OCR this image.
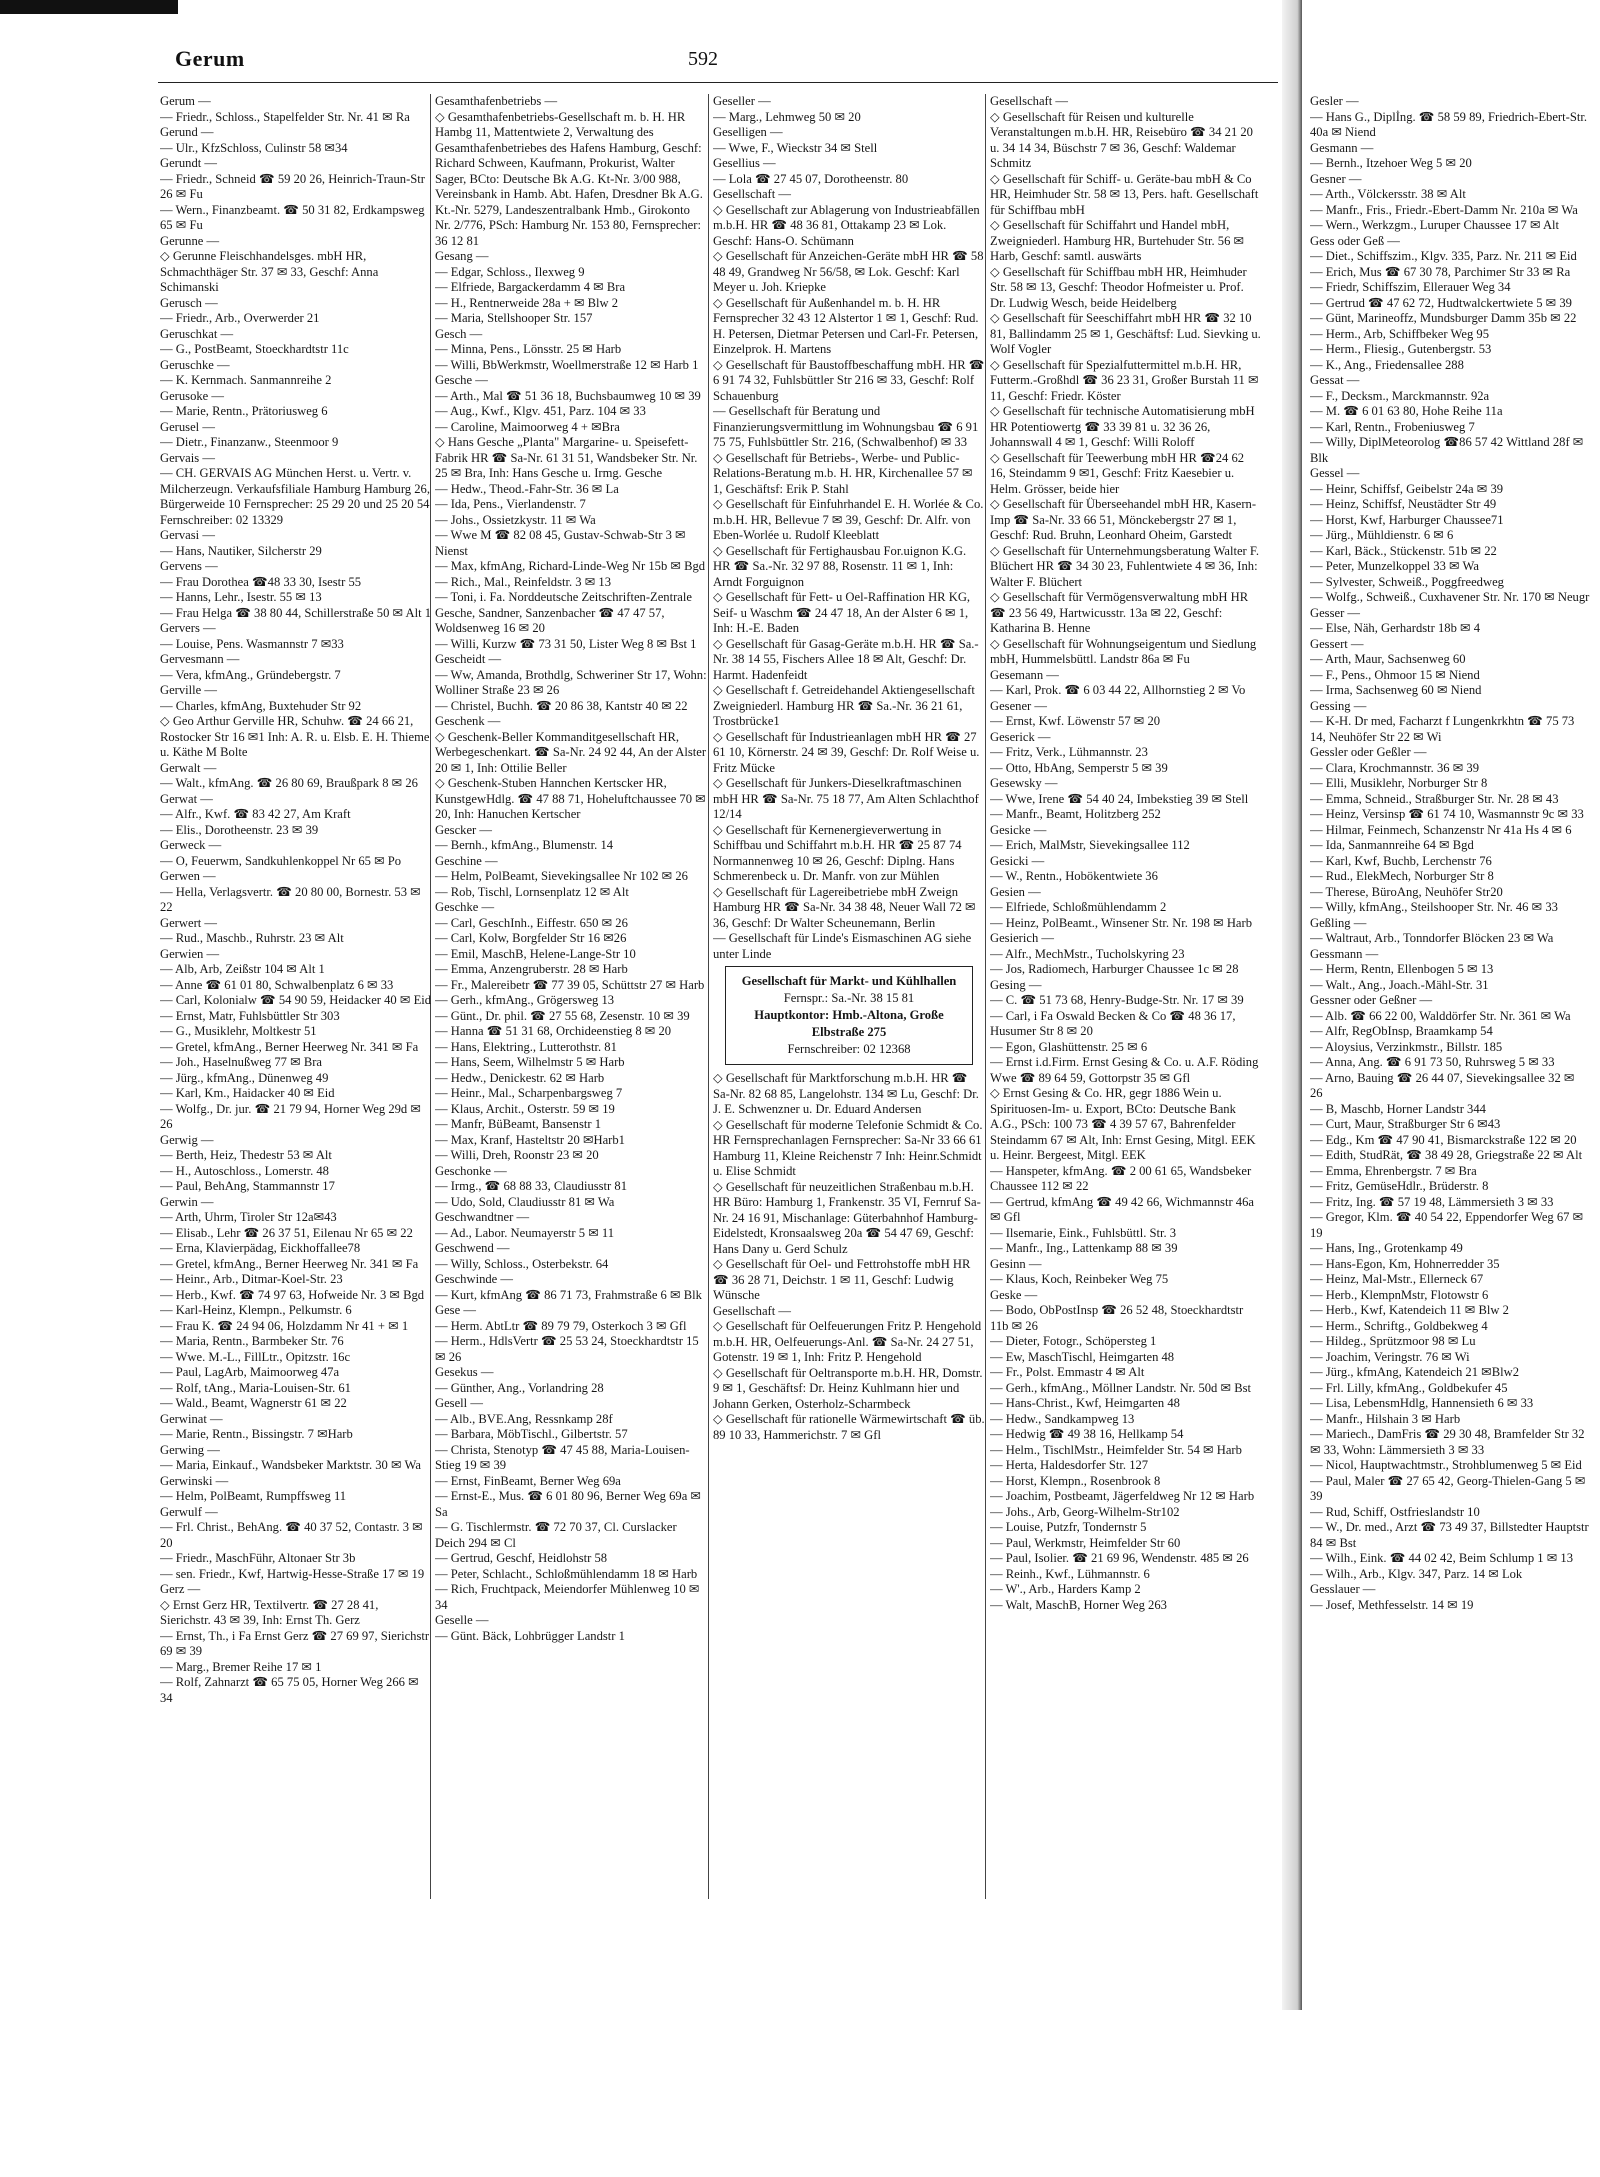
Gerum	592

Gerum —

— Friedr., Schloss., Stapelfelder Str. Nr. 41 ✉ Ra

Gerund —

— Ulr., KfzSchloss, Culinstr 58 ✉34

Gerundt —

— Friedr., Schneid ☎ 59 20 26, Heinrich-Traun-Str 26 ✉ Fu

— Wern., Finanzbeamt. ☎ 50 31 82, Erdkampsweg 65 ✉ Fu

Gerunne —

◇ Gerunne Fleischhandelsges. mbH HR, Schmachthäger Str. 37 ✉ 33, Geschf: Anna Schimanski

Gerusch —

— Friedr., Arb., Overwerder 21

Geruschkat —

— G., PostBeamt, Stoeckhardtstr 11c

Geruschke —

— K. Kernmach. Sanmannreihe 2

Gerusoke —

— Marie, Rentn., Prätoriusweg 6

Gerusel —

— Dietr., Finanzanw., Steenmoor 9

Gervais —

— CH. GERVAIS AG München Herst. u. Vertr. v. Milcherzeugn. Verkaufsfiliale Hamburg Hamburg 26, Bürgerweide 10 Fernsprecher: 25 29 20 und 25 20 54 Fernschreiber: 02 13329

Gervasi —

— Hans, Nautiker, Silcherstr 29

Gervens —

— Frau Dorothea ☎48 33 30, Isestr 55

— Hanns, Lehr., Isestr. 55 ✉ 13

— Frau Helga ☎ 38 80 44, Schillerstraße 50 ✉ Alt 1

Gervers —

— Louise, Pens. Wasmannstr 7 ✉33

Gervesmann —

— Vera, kfmAng., Gründebergstr. 7

Gerville —

— Charles, kfmAng, Buxtehuder Str 92

◇ Geo Arthur Gerville HR, Schuhw. ☎ 24 66 21, Rostocker Str 16 ✉1 Inh: A. R. u. Elsb. E. H. Thieme u. Käthe M Bolte

Gerwalt —

— Walt., kfmAng. ☎ 26 80 69, Braußpark 8 ✉ 26

Gerwat —

— Alfr., Kwf. ☎ 83 42 27, Am Kraft

— Elis., Dorotheenstr. 23 ✉ 39

Gerweck —

— O, Feuerwm, Sandkuhlenkoppel Nr 65 ✉ Po

Gerwen —

— Hella, Verlagsvertr. ☎ 20 80 00, Bornestr. 53 ✉ 22

Gerwert —

— Rud., Maschb., Ruhrstr. 23 ✉ Alt

Gerwien —

— Alb, Arb, Zeißstr 104 ✉ Alt 1

— Anne ☎ 61 01 80, Schwalbenplatz 6 ✉ 33

— Carl, Kolonialw ☎ 54 90 59, Heidacker 40 ✉ Eid

— Ernst, Matr, Fuhlsbüttler Str 303

— G., Musiklehr, Moltkestr 51

— Gretel, kfmAng., Berner Heerweg Nr. 341 ✉ Fa

— Joh., Haselnußweg 77 ✉ Bra

— Jürg., kfmAng., Dünenweg 49

— Karl, Km., Haidacker 40 ✉ Eid

— Wolfg., Dr. jur. ☎ 21 79 94, Horner Weg 29d ✉ 26

Gerwig —

— Berth, Heiz, Thedestr 53 ✉ Alt

— H., Autoschloss., Lomerstr. 48

— Paul, BehAng, Stammannstr 17

Gerwin —

— Arth, Uhrm, Tiroler Str 12a✉43

— Elisab., Lehr ☎ 26 37 51, Eilenau Nr 65 ✉ 22

— Erna, Klavierpädag, Eickhoffallee78

— Gretel, kfmAng., Berner Heerweg Nr. 341 ✉ Fa

— Heinr., Arb., Ditmar-Koel-Str. 23

— Herb., Kwf. ☎ 74 97 63, Hofweide Nr. 3 ✉ Bgd

— Karl-Heinz, Klempn., Pelkumstr. 6

— Frau K. ☎ 24 94 06, Holzdamm Nr 41 + ✉ 1

— Maria, Rentn., Barmbeker Str. 76

— Wwe. M.-L., FillLtr., Opitzstr. 16c

— Paul, LagArb, Maimoorweg 47a

— Rolf, tAng., Maria-Louisen-Str. 61

— Wald., Beamt, Wagnerstr 61 ✉ 22

Gerwinat —

— Marie, Rentn., Bissingstr. 7 ✉Harb

Gerwing —

— Maria, Einkauf., Wandsbeker Marktstr. 30 ✉ Wa

Gerwinski —

— Helm, PolBeamt, Rumpffsweg 11

Gerwulf —

— Frl. Christ., BehAng. ☎ 40 37 52, Contastr. 3 ✉ 20

— Friedr., MaschFühr, Altonaer Str 3b

— sen. Friedr., Kwf, Hartwig-Hesse-Straße 17 ✉ 19

Gerz —

◇ Ernst Gerz HR, Textilvertr. ☎ 27 28 41, Sierichstr. 43 ✉ 39, Inh: Ernst Th. Gerz

— Ernst, Th., i Fa Ernst Gerz ☎ 27 69 97, Sierichstr 69 ✉ 39

— Marg., Bremer Reihe 17 ✉ 1

— Rolf, Zahnarzt ☎ 65 75 05, Horner Weg 266 ✉ 34

Gesamthafenbetriebs —

◇ Gesamthafenbetriebs-Gesellschaft m. b. H. HR Hambg 11, Mattentwiete 2, Verwaltung des Gesamthafenbetriebes des Hafens Hamburg, Geschf: Richard Schween, Kaufmann, Prokurist, Walter Sager, BCto: Deutsche Bk A.G. Kt-Nr. 3/00 988, Vereinsbank in Hamb. Abt. Hafen, Dresdner Bk A.G. Kt.-Nr. 5279, Landeszentralbank Hmb., Girokonto Nr. 2/776, PSch: Hamburg Nr. 153 80, Fernsprecher: 36 12 81

Gesang —

— Edgar, Schloss., Ilexweg 9

— Elfriede, Bargackerdamm 4 ✉ Bra

— H., Rentnerweide 28a + ✉ Blw 2

— Maria, Stellshooper Str. 157

Gesch —

— Minna, Pens., Lönsstr. 25 ✉ Harb

— Willi, BbWerkmstr, Woellmerstraße 12 ✉ Harb 1

Gesche —

— Arth., Mal ☎ 51 36 18, Buchsbaumweg 10 ✉ 39

— Aug., Kwf., Klgv. 451, Parz. 104 ✉ 33

— Caroline, Maimoorweg 4 + ✉Bra

◇ Hans Gesche „Planta" Margarine- u. Speisefett-Fabrik HR ☎ Sa-Nr. 61 31 51, Wandsbeker Str. Nr. 25 ✉ Bra, Inh: Hans Gesche u. Irmg. Gesche

— Hedw., Theod.-Fahr-Str. 36 ✉ La

— Ida, Pens., Vierlandenstr. 7

— Johs., Ossietzkystr. 11 ✉ Wa

— Wwe M ☎ 82 08 45, Gustav-Schwab-Str 3 ✉ Nienst

— Max, kfmAng, Richard-Linde-Weg Nr 15b ✉ Bgd

— Rich., Mal., Reinfeldstr. 3 ✉ 13

— Toni, i. Fa. Norddeutsche Zeitschriften-Zentrale Gesche, Sandner, Sanzenbacher ☎ 47 47 57, Woldsenweg 16 ✉ 20

— Willi, Kurzw ☎ 73 31 50, Lister Weg 8 ✉ Bst 1

Gescheidt —

— Ww, Amanda, Brothdlg, Schweriner Str 17, Wohn: Wolliner Straße 23 ✉ 26

— Christel, Buchh. ☎ 20 86 38, Kantstr 40 ✉ 22

Geschenk —

◇ Geschenk-Beller Kommanditgesellschaft HR, Werbegeschenkart. ☎ Sa-Nr. 24 92 44, An der Alster 20 ✉ 1, Inh: Ottilie Beller

◇ Geschenk-Stuben Hannchen Kertscker HR, KunstgewHdlg. ☎ 47 88 71, Hoheluftchaussee 70 ✉ 20, Inh: Hanuchen Kertscher

Gescker —

— Bernh., kfmAng., Blumenstr. 14

Geschine —

— Helm, PolBeamt, Sievekingsallee Nr 102 ✉ 26

— Rob, Tischl, Lornsenplatz 12 ✉ Alt

Geschke —

— Carl, GeschInh., Eiffestr. 650 ✉ 26

— Carl, Kolw, Borgfelder Str 16 ✉26

— Emil, MaschB, Helene-Lange-Str 10

— Emma, Anzengruberstr. 28 ✉ Harb

— Fr., Malereibetr ☎ 77 39 05, Schüttstr 27 ✉ Harb

— Gerh., kfmAng., Grögersweg 13

— Günt., Dr. phil. ☎ 27 55 68, Zesenstr. 10 ✉ 39

— Hanna ☎ 51 31 68, Orchideenstieg 8 ✉ 20

— Hans, Elektring., Lutterothstr. 81

— Hans, Seem, Wilhelmstr 5 ✉ Harb

— Hedw., Denickestr. 62 ✉ Harb

— Heinr., Mal., Scharpenbargsweg 7

— Klaus, Archit., Osterstr. 59 ✉ 19

— Manfr, BüBeamt, Bansenstr 1

— Max, Kranf, Hasteltstr 20 ✉Harb1

— Willi, Dreh, Roonstr 23 ✉ 20

Geschonke —

— Irmg., ☎ 68 88 33, Claudiusstr 81

— Udo, Sold, Claudiusstr 81 ✉ Wa

Geschwandtner —

— Ad., Labor. Neumayerstr 5 ✉ 11

Geschwend —

— Willy, Schloss., Osterbekstr. 64

Geschwinde —

— Kurt, kfmAng ☎ 86 71 73, Frahmstraße 6 ✉ Blk

Gese —

— Herm. AbtLtr ☎ 89 79 79, Osterkoch 3 ✉ Gfl

— Herm., HdlsVertr ☎ 25 53 24, Stoeckhardtstr 15 ✉ 26

Gesekus —

— Günther, Ang., Vorlandring 28

Gesell —

— Alb., BVE.Ang, Ressnkamp 28f

— Barbara, MöbTischl., Gilbertstr. 57

— Christa, Stenotyp ☎ 47 45 88, Maria-Louisen-Stieg 19 ✉ 39

— Ernst, FinBeamt, Berner Weg 69a

— Ernst-E., Mus. ☎ 6 01 80 96, Berner Weg 69a ✉ Sa

— G. Tischlermstr. ☎ 72 70 37, Cl. Curslacker Deich 294 ✉ Cl

— Gertrud, Geschf, Heidlohstr 58

— Peter, Schlacht., Schloßmühlendamm 18 ✉ Harb

— Rich, Fruchtpack, Meiendorfer Mühlenweg 10 ✉ 34

Geselle —

— Günt. Bäck, Lohbrügger Landstr 1

Geseller —

— Marg., Lehmweg 50 ✉ 20

Geselligen —

— Wwe, F., Wieckstr 34 ✉ Stell

Gesellius —

— Lola ☎ 27 45 07, Dorotheenstr. 80

Gesellschaft —

◇ Gesellschaft zur Ablagerung von Industrieabfällen m.b.H. HR ☎ 48 36 81, Ottakamp 23 ✉ Lok. Geschf: Hans-O. Schümann

◇ Gesellschaft für Anzeichen-Geräte mbH HR ☎ 58 48 49, Grandweg Nr 56/58, ✉ Lok. Geschf: Karl Meyer u. Joh. Kriepke

◇ Gesellschaft für Außenhandel m. b. H. HR Fernsprecher 32 43 12 Alstertor 1 ✉ 1, Geschf: Rud. H. Petersen, Dietmar Petersen und Carl-Fr. Petersen, Einzelprok. H. Martens

◇ Gesellschaft für Baustoffbeschaffung mbH. HR ☎ 6 91 74 32, Fuhlsbüttler Str 216 ✉ 33, Geschf: Rolf Schauenburg

— Gesellschaft für Beratung und Finanzierungsvermittlung im Wohnungsbau ☎ 6 91 75 75, Fuhlsbüttler Str. 216, (Schwalbenhof) ✉ 33

◇ Gesellschaft für Betriebs-, Werbe- und Public-Relations-Beratung m.b. H. HR, Kirchenallee 57 ✉ 1, Geschäftsf: Erik P. Stahl

◇ Gesellschaft für Einfuhrhandel E. H. Worlée & Co. m.b.H. HR, Bellevue 7 ✉ 39, Geschf: Dr. Alfr. von Eben-Worlée u. Rudolf Kleeblatt

◇ Gesellschaft für Fertighausbau For.uignon K.G. HR ☎ Sa.-Nr. 32 97 88, Rosenstr. 11 ✉ 1, Inh: Arndt Forguignon

◇ Gesellschaft für Fett- u Oel-Raffination HR KG, Seif- u Waschm ☎ 24 47 18, An der Alster 6 ✉ 1, Inh: H.-E. Baden

◇ Gesellschaft für Gasag-Geräte m.b.H. HR ☎ Sa.-Nr. 38 14 55, Fischers Allee 18 ✉ Alt, Geschf: Dr. Harmt. Hadenfeidt

◇ Gesellschaft f. Getreidehandel Aktiengesellschaft Zweigniederl. Hamburg HR ☎ Sa.-Nr. 36 21 61, Trostbrücke1

◇ Gesellschaft für Industrieanlagen mbH HR ☎ 27 61 10, Körnerstr. 24 ✉ 39, Geschf: Dr. Rolf Weise u. Fritz Mücke

◇ Gesellschaft für Junkers-Dieselkraftmaschinen mbH HR ☎ Sa-Nr. 75 18 77, Am Alten Schlachthof 12/14

◇ Gesellschaft für Kernenergieverwertung in Schiffbau und Schiffahrt m.b.H. HR ☎ 25 87 74 Normannenweg 10 ✉ 26, Geschf: Diplng. Hans Schmerenbeck u. Dr. Manfr. von zur Mühlen

◇ Gesellschaft für Lagereibetriebe mbH Zweign Hamburg HR ☎ Sa-Nr. 34 38 48, Neuer Wall 72 ✉36, Geschf: Dr Walter Scheunemann, Berlin

— Gesellschaft für Linde's Eismaschinen AG siehe unter Linde

Gesellschaft für Markt- und Kühlhallen
Fernspr.: Sa.-Nr. 38 15 81
Hauptkontor: Hmb.-Altona, Große Elbstraße 275
Fernschreiber: 02 12368

◇ Gesellschaft für Marktforschung m.b.H. HR ☎ Sa-Nr. 82 68 85, Langelohstr. 134 ✉ Lu, Geschf: Dr. J. E. Schwenzner u. Dr. Eduard Andersen

◇ Gesellschaft für moderne Telefonie Schmidt & Co. HR Fernsprechanlagen Fernsprecher: Sa-Nr 33 66 61 Hamburg 11, Kleine Reichenstr 7 Inh: Heinr.Schmidt u. Elise Schmidt

◇ Gesellschaft für neuzeitlichen Straßenbau m.b.H. HR Büro: Hamburg 1, Frankenstr. 35 VI, Fernruf Sa-Nr. 24 16 91, Mischanlage: Güterbahnhof Hamburg-Eidelstedt, Kronsaalsweg 20a ☎ 54 47 69, Geschf: Hans Dany u. Gerd Schulz

◇ Gesellschaft für Oel- und Fettrohstoffe mbH HR ☎ 36 28 71, Deichstr. 1 ✉ 11, Geschf: Ludwig Wünsche

Gesellschaft —

◇ Gesellschaft für Oelfeuerungen Fritz P. Hengehold m.b.H. HR, Oelfeuerungs-Anl. ☎ Sa-Nr. 24 27 51, Gotenstr. 19 ✉ 1, Inh: Fritz P. Hengehold

◇ Gesellschaft für Oeltransporte m.b.H. HR, Domstr. 9 ✉ 1, Geschäftsf: Dr. Heinz Kuhlmann hier und Johann Gerken, Osterholz-Scharmbeck

◇ Gesellschaft für rationelle Wärmewirtschaft ☎ üb. 89 10 33, Hammerichstr. 7 ✉ Gfl

Gesellschaft —

◇ Gesellschaft für Reisen und kulturelle Veranstaltungen m.b.H. HR, Reisebüro ☎ 34 21 20 u. 34 14 34, Büschstr 7 ✉ 36, Geschf: Waldemar Schmitz

◇ Gesellschaft für Schiff- u. Geräte-bau mbH & Co HR, Heimhuder Str. 58 ✉ 13, Pers. haft. Gesellschaft für Schiffbau mbH

◇ Gesellschaft für Schiffahrt und Handel mbH, Zweigniederl. Hamburg HR, Burtehuder Str. 56 ✉ Harb, Geschf: samtl. auswärts

◇ Gesellschaft für Schiffbau mbH HR, Heimhuder Str. 58 ✉ 13, Geschf: Theodor Hofmeister u. Prof. Dr. Ludwig Wesch, beide Heidelberg

◇ Gesellschaft für Seeschiffahrt mbH HR ☎ 32 10 81, Ballindamm 25 ✉ 1, Geschäftsf: Lud. Sievking u. Wolf Vogler

◇ Gesellschaft für Spezialfuttermittel m.b.H. HR, Futterm.-Großhdl ☎ 36 23 31, Großer Burstah 11 ✉ 11, Geschf: Friedr. Köster

◇ Gesellschaft für technische Automatisierung mbH HR Potentiowertg ☎ 33 39 81 u. 32 36 26, Johannswall 4 ✉ 1, Geschf: Willi Roloff

◇ Gesellschaft für Teewerbung mbH HR ☎24 62 16, Steindamm 9 ✉1, Geschf: Fritz Kaesebier u. Helm. Grösser, beide hier

◇ Gesellschaft für Überseehandel mbH HR, Kasern-Imp ☎ Sa-Nr. 33 66 51, Mönckebergstr 27 ✉ 1, Geschf: Rud. Bruhn, Leonhard Oheim, Garstedt

◇ Gesellschaft für Unternehmungsberatung Walter F. Blüchert HR ☎ 34 30 23, Fuhlentwiete 4 ✉ 36, Inh: Walter F. Blüchert

◇ Gesellschaft für Vermögensverwaltung mbH HR ☎ 23 56 49, Hartwicusstr. 13a ✉ 22, Geschf: Katharina B. Henne

◇ Gesellschaft für Wohnungseigentum und Siedlung mbH, Hummelsbüttl. Landstr 86a ✉ Fu

Gesemann —

— Karl, Prok. ☎ 6 03 44 22, Allhornstieg 2 ✉ Vo

Gesener —

— Ernst, Kwf. Löwenstr 57 ✉ 20

Geserick —

— Fritz, Verk., Lühmannstr. 23

— Otto, HbAng, Semperstr 5 ✉ 39

Gesewsky —

— Wwe, Irene ☎ 54 40 24, Imbekstieg 39 ✉ Stell

— Manfr., Beamt, Holitzberg 252

Gesicke —

— Erich, MalMstr, Sievekingsallee 112

Gesicki —

— W., Rentn., Hobökentwiete 36

Gesien —

— Elfriede, Schloßmühlendamm 2

— Heinz, PolBeamt., Winsener Str. Nr. 198 ✉ Harb

Gesierich —

— Alfr., MechMstr., Tucholskyring 23

— Jos, Radiomech, Harburger Chaussee 1c ✉ 28

Gesing —

— C. ☎ 51 73 68, Henry-Budge-Str. Nr. 17 ✉ 39

— Carl, i Fa Oswald Becken & Co ☎ 48 36 17, Husumer Str 8 ✉ 20

— Egon, Glashüttenstr. 25 ✉ 6

— Ernst i.d.Firm. Ernst Gesing & Co. u. A.F. Röding Wwe ☎ 89 64 59, Gottorpstr 35 ✉ Gfl

◇ Ernst Gesing & Co. HR, gegr 1886 Wein u. Spirituosen-Im- u. Export, BCto: Deutsche Bank A.G., PSch: 100 73 ☎ 4 39 57 67, Bahrenfelder Steindamm 67 ✉ Alt, Inh: Ernst Gesing, Mitgl. EEK u. Heinr. Bergeest, Mitgl. EEK

— Hanspeter, kfmAng. ☎ 2 00 61 65, Wandsbeker Chaussee 112 ✉ 22

— Gertrud, kfmAng ☎ 49 42 66, Wichmannstr 46a ✉ Gfl

— Ilsemarie, Eink., Fuhlsbüttl. Str. 3

— Manfr., Ing., Lattenkamp 88 ✉ 39

Gesinn —

— Klaus, Koch, Reinbeker Weg 75

Geske —

— Bodo, ObPostInsp ☎ 26 52 48, Stoeckhardtstr 11b ✉ 26

— Dieter, Fotogr., Schöpersteg 1

— Ew, MaschTischl, Heimgarten 48

— Fr., Polst. Emmastr 4 ✉ Alt

— Gerh., kfmAng., Möllner Landstr. Nr. 50d ✉ Bst

— Hans-Christ., Kwf, Heimgarten 48

— Hedw., Sandkampweg 13

— Hedwig ☎ 49 38 16, Hellkamp 54

— Helm., TischlMstr., Heimfelder Str. 54 ✉ Harb

— Herta, Haldesdorfer Str. 127

— Horst, Klempn., Rosenbrook 8

— Joachim, Postbeamt, Jägerfeldweg Nr 12 ✉ Harb

— Johs., Arb, Georg-Wilhelm-Str102

— Louise, Putzfr, Tondernstr 5

— Paul, Werkmstr, Heimfelder Str 60

— Paul, Isolier. ☎ 21 69 96, Wendenstr. 485 ✉ 26

— Reinh., Kwf., Lühmannstr. 6

— W'., Arb., Harders Kamp 2

— Walt, MaschB, Horner Weg 263

Gesler —

— Hans G., Diplİng. ☎ 58 59 89, Friedrich-Ebert-Str. 40a ✉ Niend

Gesmann —

— Bernh., Itzehoer Weg 5 ✉ 20

Gesner —

— Arth., Völckersstr. 38 ✉ Alt

— Manfr., Fris., Friedr.-Ebert-Damm Nr. 210a ✉ Wa

— Wern., Werkzgm., Luruper Chaussee 17 ✉ Alt

Gess oder Geß —

— Diet., Schiffszim., Klgv. 335, Parz. Nr. 211 ✉ Eid

— Erich, Mus ☎ 67 30 78, Parchimer Str 33 ✉ Ra

— Friedr, Schiffszim, Ellerauer Weg 34

— Gertrud ☎ 47 62 72, Hudtwalckertwiete 5 ✉ 39

— Günt, Marineoffz, Mundsburger Damm 35b ✉ 22

— Herm., Arb, Schiffbeker Weg 95

— Herm., Fliesig., Gutenbergstr. 53

— K., Ang., Friedensallee 288

Gessat —

— F., Decksm., Marckmannstr. 92a

— M. ☎ 6 01 63 80, Hohe Reihe 11a

— Karl, Rentn., Frobeniusweg 7

— Willy, DiplMeteorolog ☎86 57 42 Wittland 28f ✉ Blk

Gessel —

— Heinr, Schiffsf, Geibelstr 24a ✉ 39

— Heinz, Schiffsf, Neustädter Str 49

— Horst, Kwf, Harburger Chaussee71

— Jürg., Mühldienstr. 6 ✉ 6

— Karl, Bäck., Stückenstr. 51b ✉ 22

— Peter, Munzelkoppel 33 ✉ Wa

— Sylvester, Schweiß., Poggfreedweg

— Wolfg., Schweiß., Cuxhavener Str. Nr. 170 ✉ Neugr

Gesser —

— Else, Näh, Gerhardstr 18b ✉ 4

Gessert —

— Arth, Maur, Sachsenweg 60

— F., Pens., Ohmoor 15 ✉ Niend

— Irma, Sachsenweg 60 ✉ Niend

Gessing —

— K-H. Dr med, Facharzt f Lungenkrkhtn ☎ 75 73 14, Neuhöfer Str 22 ✉ Wi

Gessler oder Geßler —

— Clara, Krochmannstr. 36 ✉ 39

— Elli, Musiklehr, Norburger Str 8

— Emma, Schneid., Straßburger Str. Nr. 28 ✉ 43

— Heinz, Versinsp ☎ 61 74 10, Wasmannstr 9c ✉ 33

— Hilmar, Feinmech, Schanzenstr Nr 41a Hs 4 ✉ 6

— Ida, Sanmannreihe 64 ✉ Bgd

— Karl, Kwf, Buchb, Lerchenstr 76

— Rud., ElekMech, Norburger Str 8

— Therese, BüroAng, Neuhöfer Str20

— Willy, kfmAng., Steilshooper Str. Nr. 46 ✉ 33

Geßling —

— Waltraut, Arb., Tonndorfer Blöcken 23 ✉ Wa

Gessmann —

— Herm, Rentn, Ellenbogen 5 ✉ 13

— Walt., Ang., Joach.-Mähl-Str. 31

Gessner oder Geßner —

— Alb. ☎ 66 22 00, Walddörfer Str. Nr. 361 ✉ Wa

— Alfr, RegObInsp, Braamkamp 54

— Aloysius, Verzinkmstr., Billstr. 185

— Anna, Ang. ☎ 6 91 73 50, Ruhrsweg 5 ✉ 33

— Arno, Bauing ☎ 26 44 07, Sievekingsallee 32 ✉ 26

— B, Maschb, Horner Landstr 344

— Curt, Maur, Straßburger Str 6 ✉43

— Edg., Km ☎ 47 90 41, Bismarckstraße 122 ✉ 20

— Edith, StudRät, ☎ 38 49 28, Griegstraße 22 ✉ Alt

— Emma, Ehrenbergstr. 7 ✉ Bra

— Fritz, GemüseHdlr., Brüderstr. 8

— Fritz, Ing. ☎ 57 19 48, Lämmersieth 3 ✉ 33

— Gregor, Klm. ☎ 40 54 22, Eppendorfer Weg 67 ✉ 19

— Hans, Ing., Grotenkamp 49

— Hans-Egon, Km, Hohnerredder 35

— Heinz, Mal-Mstr., Ellerneck 67

— Herb., KlempnMstr, Flotowstr 6

— Herb., Kwf, Katendeich 11 ✉ Blw 2

— Herm., Schriftg., Goldbekweg 4

— Hildeg., Sprützmoor 98 ✉ Lu

— Joachim, Veringstr. 76 ✉ Wi

— Jürg., kfmAng, Katendeich 21 ✉Blw2

— Frl. Lilly, kfmAng., Goldbekufer 45

— Lisa, LebensmHdlg, Hannensieth 6 ✉ 33

— Manfr., Hilshain 3 ✉ Harb

— Mariech., DamFris ☎ 29 30 48, Bramfelder Str 32 ✉ 33, Wohn: Lämmersieth 3 ✉ 33

— Nicol, Hauptwachtmstr., Strohblumenweg 5 ✉ Eid

— Paul, Maler ☎ 27 65 42, Georg-Thielen-Gang 5 ✉ 39

— Rud, Schiff, Ostfrieslandstr 10

— W., Dr. med., Arzt ☎ 73 49 37, Billstedter Hauptstr 84 ✉ Bst

— Wilh., Eink. ☎ 44 02 42, Beim Schlump 1 ✉ 13

— Wilh., Arb., Klgv. 347, Parz. 14 ✉ Lok

Gesslauer —

— Josef, Methfesselstr. 14 ✉ 19
